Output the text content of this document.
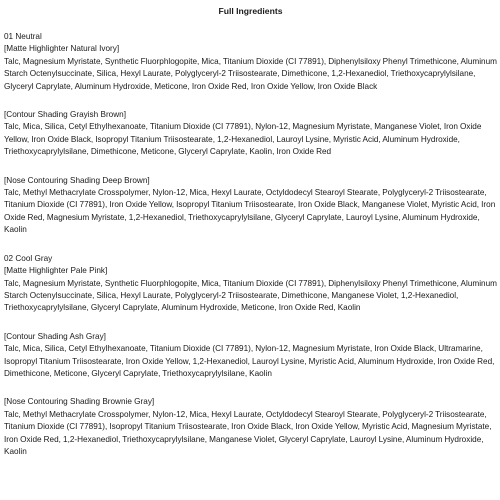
Full Ingredients
01 Neutral
[Matte Highlighter Natural Ivory]
Talc, Magnesium Myristate, Synthetic Fluorphlogopite, Mica, Titanium Dioxide (CI 77891), Diphenylsiloxy Phenyl Trimethicone, Aluminum Starch Octenylsuccinate, Silica, Hexyl Laurate, Polyglyceryl-2 Triisostearate, Dimethicone, 1,2-Hexanediol, Triethoxycaprylylsilane, Glyceryl Caprylate, Aluminum Hydroxide, Meticone, Iron Oxide Red, Iron Oxide Yellow, Iron Oxide Black
[Contour Shading Grayish Brown]
Talc, Mica, Silica, Cetyl Ethylhexanoate, Titanium Dioxide (CI 77891), Nylon-12, Magnesium Myristate, Manganese Violet, Iron Oxide Yellow, Iron Oxide Black, Isopropyl Titanium Triisostearate, 1,2-Hexanediol, Lauroyl Lysine, Myristic Acid, Aluminum Hydroxide, Triethoxycaprylylsilane, Dimethicone, Meticone, Glyceryl Caprylate, Kaolin, Iron Oxide Red
[Nose Contouring Shading Deep Brown]
Talc, Methyl Methacrylate Crosspolymer, Nylon-12, Mica, Hexyl Laurate, Octyldodecyl Stearoyl Stearate, Polyglyceryl-2 Triisostearate, Titanium Dioxide (CI 77891), Iron Oxide Yellow, Isopropyl Titanium Triisostearate, Iron Oxide Black, Manganese Violet, Myristic Acid, Iron Oxide Red, Magnesium Myristate, 1,2-Hexanediol, Triethoxycaprylylsilane, Glyceryl Caprylate, Lauroyl Lysine, Aluminum Hydroxide, Kaolin
02 Cool Gray
[Matte Highlighter Pale Pink]
Talc, Magnesium Myristate, Synthetic Fluorphlogopite, Mica, Titanium Dioxide (CI 77891), Diphenylsiloxy Phenyl Trimethicone, Aluminum Starch Octenylsuccinate, Silica, Hexyl Laurate, Polyglyceryl-2 Triisostearate, Dimethicone, Manganese Violet, 1,2-Hexanediol, Triethoxycaprylylsilane, Glyceryl Caprylate, Aluminum Hydroxide, Meticone, Iron Oxide Red, Kaolin
[Contour Shading Ash Gray]
Talc, Mica, Silica, Cetyl Ethylhexanoate, Titanium Dioxide (CI 77891), Nylon-12, Magnesium Myristate, Iron Oxide Black, Ultramarine, Isopropyl Titanium Triisostearate, Iron Oxide Yellow, 1,2-Hexanediol, Lauroyl Lysine, Myristic Acid, Aluminum Hydroxide, Iron Oxide Red, Dimethicone, Meticone, Glyceryl Caprylate, Triethoxycaprylylsilane, Kaolin
[Nose Contouring Shading Brownie Gray]
Talc, Methyl Methacrylate Crosspolymer, Nylon-12, Mica, Hexyl Laurate, Octyldodecyl Stearoyl Stearate, Polyglyceryl-2 Triisostearate, Titanium Dioxide (CI 77891), Isopropyl Titanium Triisostearate, Iron Oxide Black, Iron Oxide Yellow, Myristic Acid, Magnesium Myristate, Iron Oxide Red, 1,2-Hexanediol, Triethoxycaprylylsilane, Manganese Violet, Glyceryl Caprylate, Lauroyl Lysine, Aluminum Hydroxide, Kaolin
